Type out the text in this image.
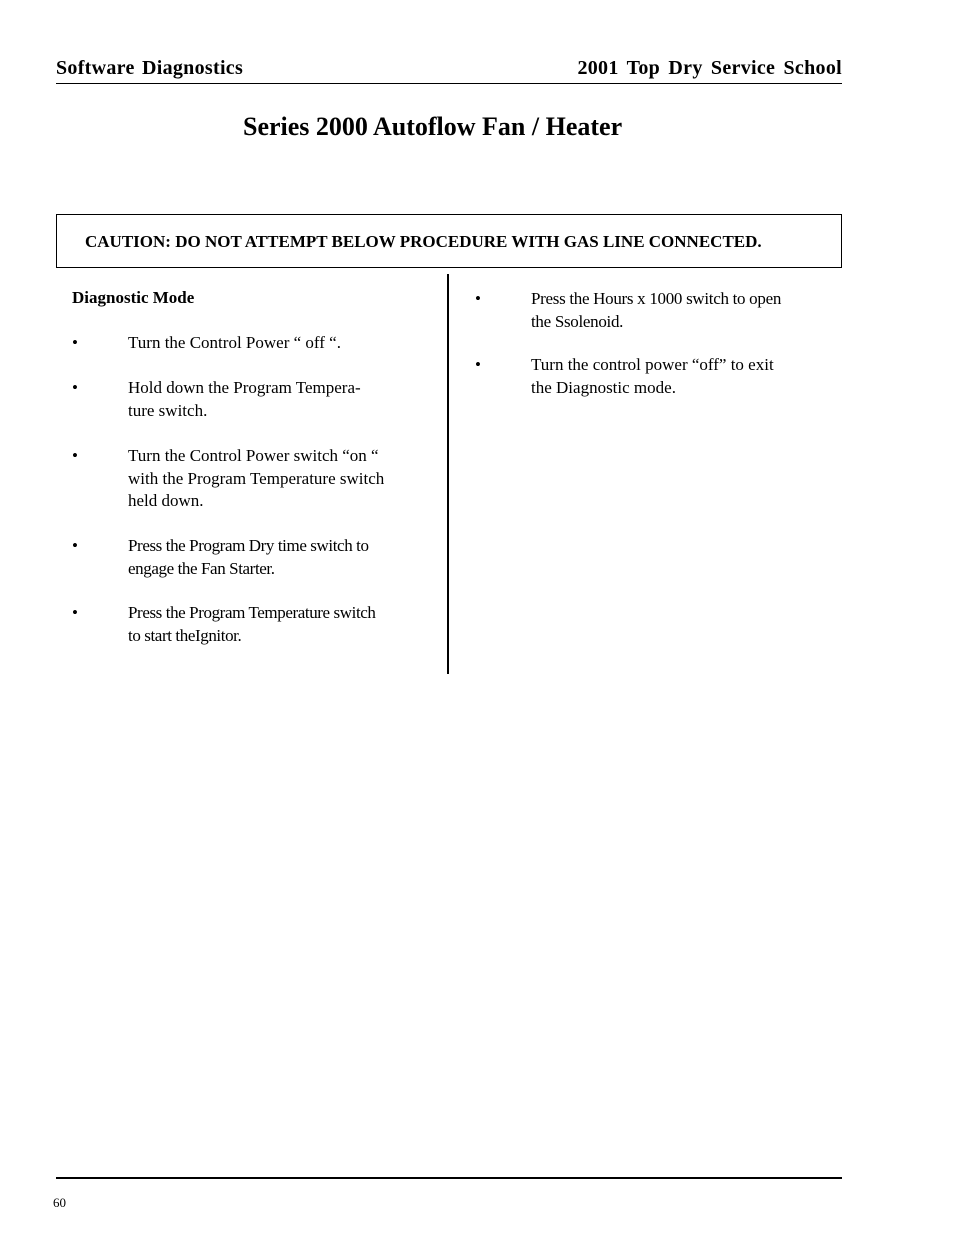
Software Diagnostics	2001 Top Dry Service School
Series 2000 Autoflow Fan / Heater
CAUTION: DO NOT ATTEMPT BELOW PROCEDURE WITH GAS LINE CONNECTED.
Diagnostic Mode
•	Turn the Control Power “ off “.
•	Hold down the Program Tempera-
ture switch.
•	Turn the Control Power switch “on “
with the Program Temperature switch
held down.
•	Press the Program Dry time switch to
engage the Fan Starter.
•	Press the Program Temperature switch
to start theIgnitor.
•	Press the Hours x 1000 switch to open
the Ssolenoid.
•	Turn the control power “off” to exit
the Diagnostic mode.
60
